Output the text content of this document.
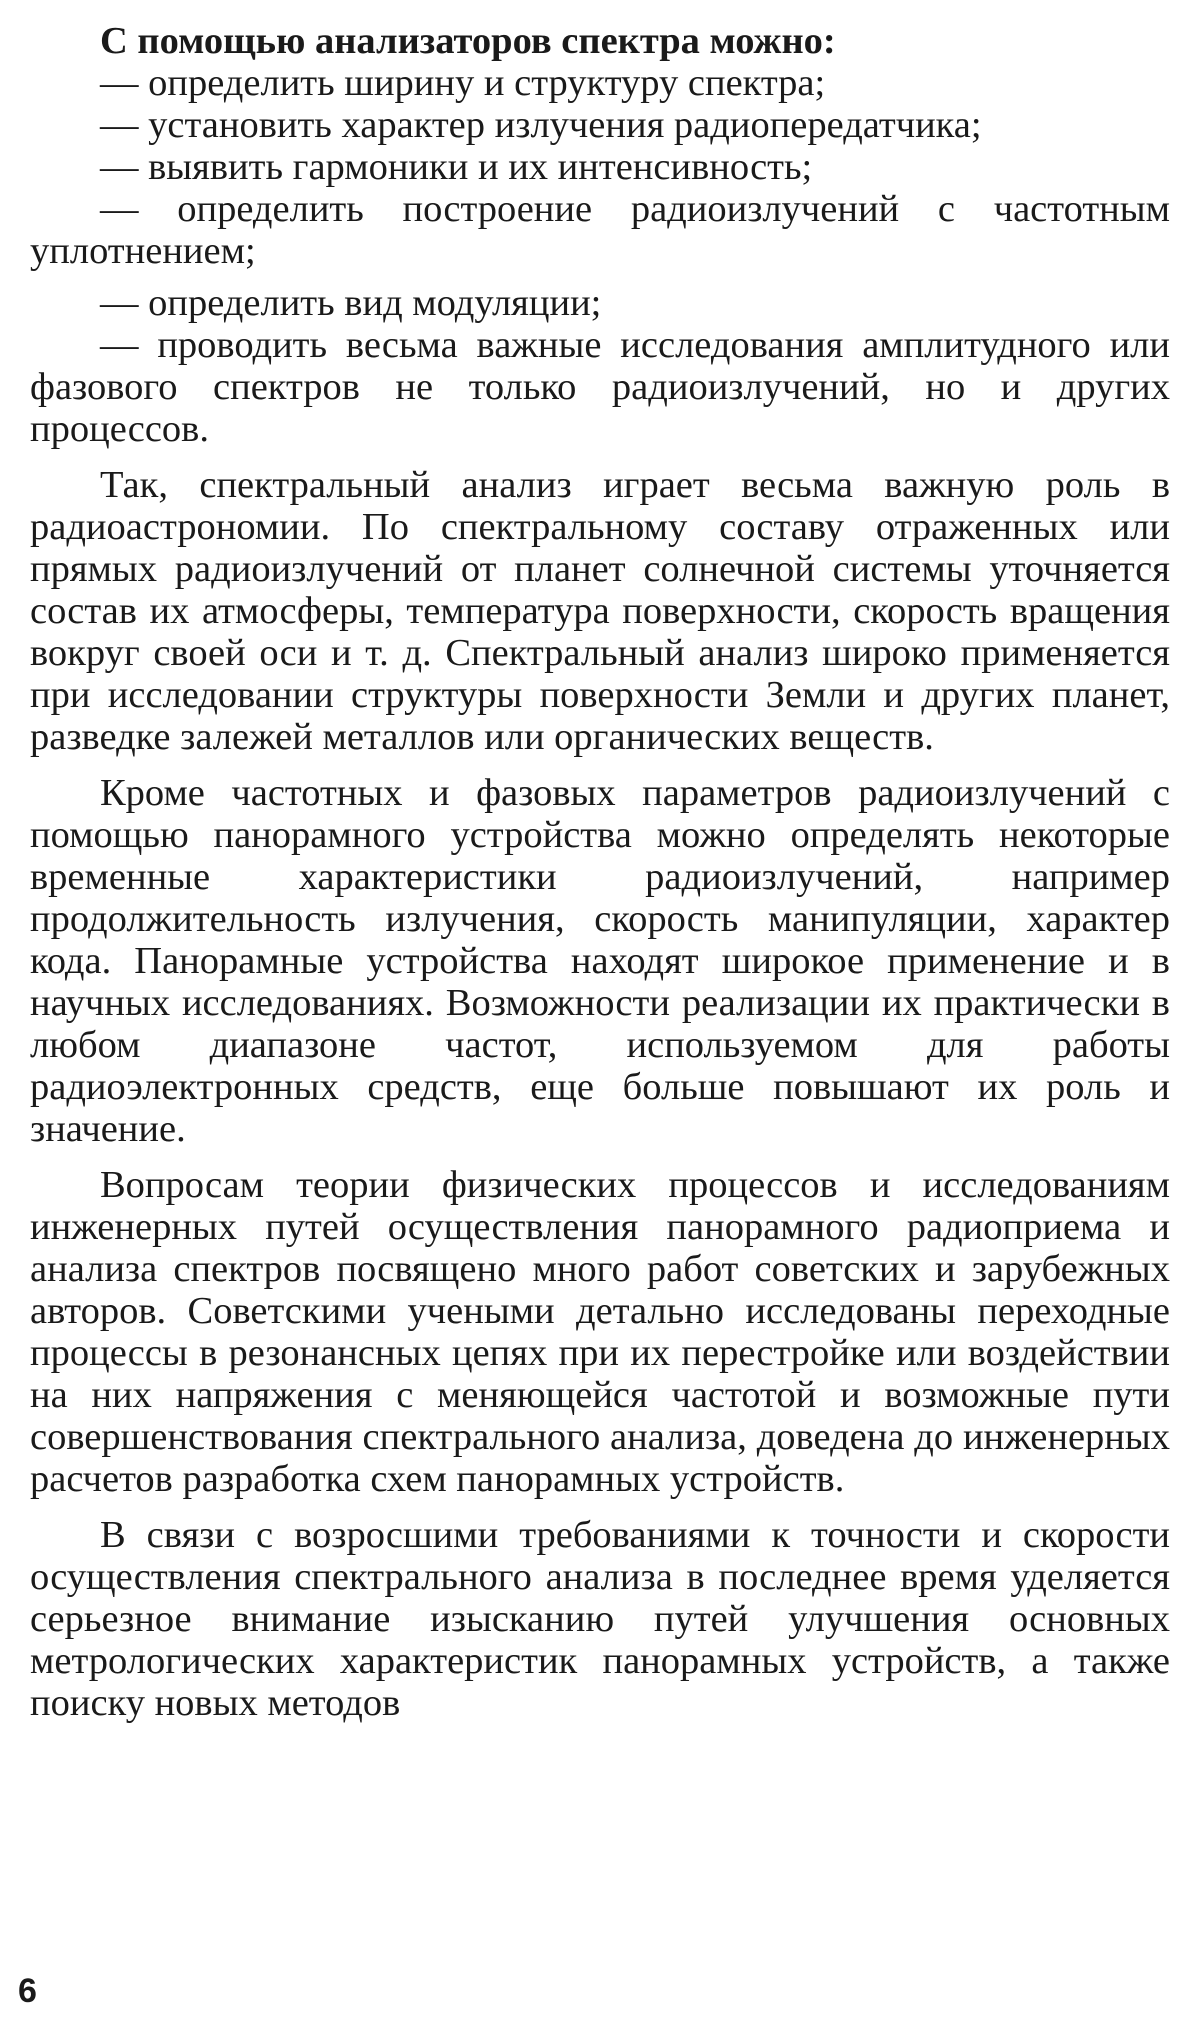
С помощью анализаторов спектра можно:

— определить ширину и структуру спектра;
— установить характер излучения радиопередатчика;
— выявить гармоники и их интенсивность;
— определить построение радиоизлучений с частотным уплотнением;
— определить вид модуляции;
— проводить весьма важные исследования амплитудного или фазового спектров не только радиоизлучений, но и других процессов.

Так, спектральный анализ играет весьма важную роль в радиоастрономии. По спектральному составу отраженных или прямых радиоизлучений от планет солнечной системы уточняется состав их атмосферы, температура поверхности, скорость вращения вокруг своей оси и т. д. Спектральный анализ широко применяется при исследовании структуры поверхности Земли и других планет, разведке залежей металлов или органических веществ.

Кроме частотных и фазовых параметров радиоизлучений с помощью панорамного устройства можно определять некоторые временные характеристики радиоизлучений, например продолжительность излучения, скорость манипуляции, характер кода. Панорамные устройства находят широкое применение и в научных исследованиях. Возможности реализации их практически в любом диапазоне частот, используемом для работы радиоэлектронных средств, еще больше повышают их роль и значение.

Вопросам теории физических процессов и исследованиям инженерных путей осуществления панорамного радиоприема и анализа спектров посвящено много работ советских и зарубежных авторов. Советскими учеными детально исследованы переходные процессы в резонансных цепях при их перестройке или воздействии на них напряжения с меняющейся частотой и возможные пути совершенствования спектрального анализа, доведена до инженерных расчетов разработка схем панорамных устройств.

В связи с возросшими требованиями к точности и скорости осуществления спектрального анализа в последнее время уделяется серьезное внимание изысканию путей улучшения основных метрологических характеристик панорамных устройств, а также поиску новых методов

6
